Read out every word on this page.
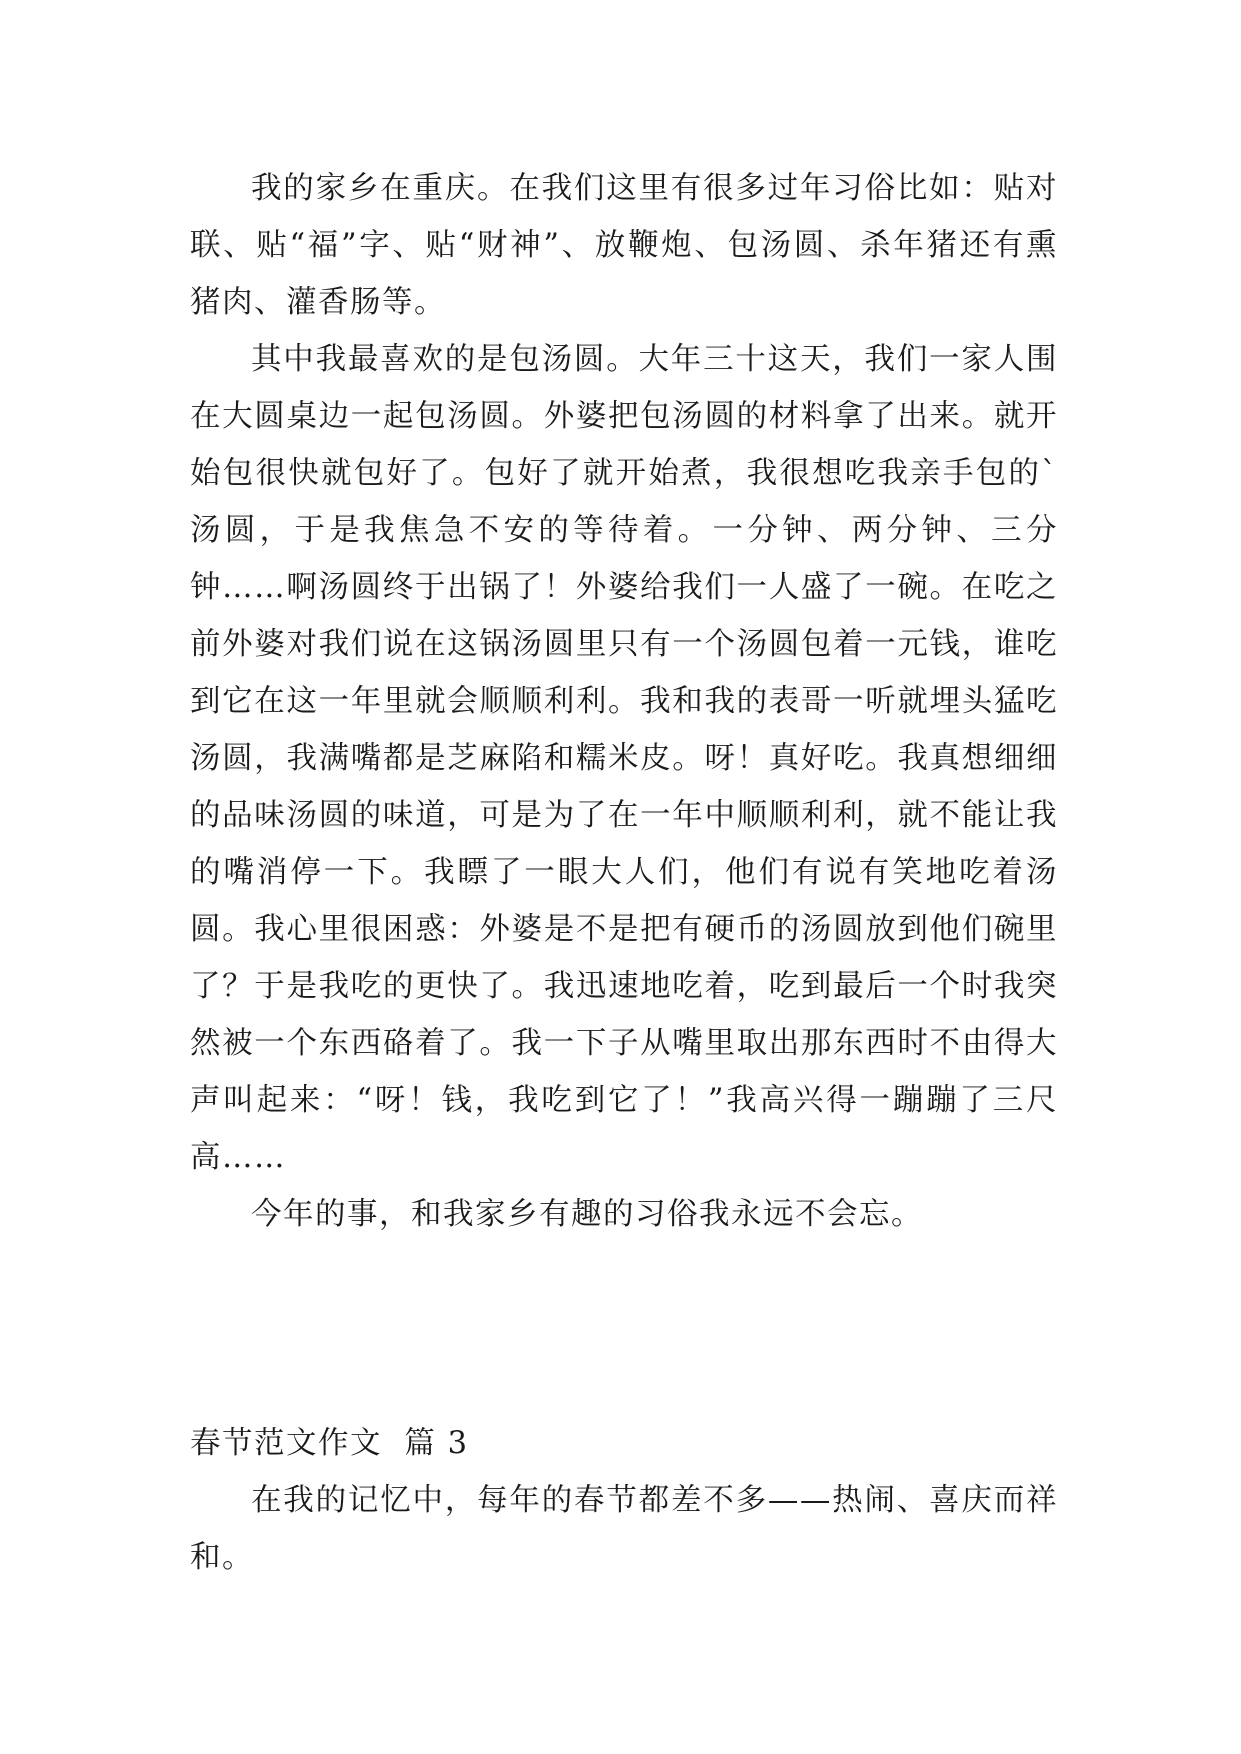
我的家乡在重庆。在我们这里有很多过年习俗比如：贴对联、贴“福”字、贴“财神”、放鞭炮、包汤圆、杀年猪还有熏猪肉、灌香肠等。

其中我最喜欢的是包汤圆。大年三十这天，我们一家人围在大圆桌边一起包汤圆。外婆把包汤圆的材料拿了出来。就开始包很快就包好了。包好了就开始煮，我很想吃我亲手包的`汤圆，于是我焦急不安的等待着。一分钟、两分钟、三分钟……啊汤圆终于出锅了！外婆给我们一人盛了一碗。在吃之前外婆对我们说在这锅汤圆里只有一个汤圆包着一元钱，谁吃到它在这一年里就会顺顺利利。我和我的表哥一听就埋头猛吃汤圆，我满嘴都是芝麻陷和糯米皮。呀！真好吃。我真想细细的品味汤圆的味道，可是为了在一年中顺顺利利，就不能让我的嘴消停一下。我瞟了一眼大人们，他们有说有笑地吃着汤圆。我心里很困惑：外婆是不是把有硬币的汤圆放到他们碗里了？于是我吃的更快了。我迅速地吃着，吃到最后一个时我突然被一个东西硌着了。我一下子从嘴里取出那东西时不由得大声叫起来：“呀！钱，我吃到它了！”我高兴得一蹦蹦了三尺高……

今年的事，和我家乡有趣的习俗我永远不会忘。

春节范文作文  篇 3

在我的记忆中，每年的春节都差不多——热闹、喜庆而祥和。
